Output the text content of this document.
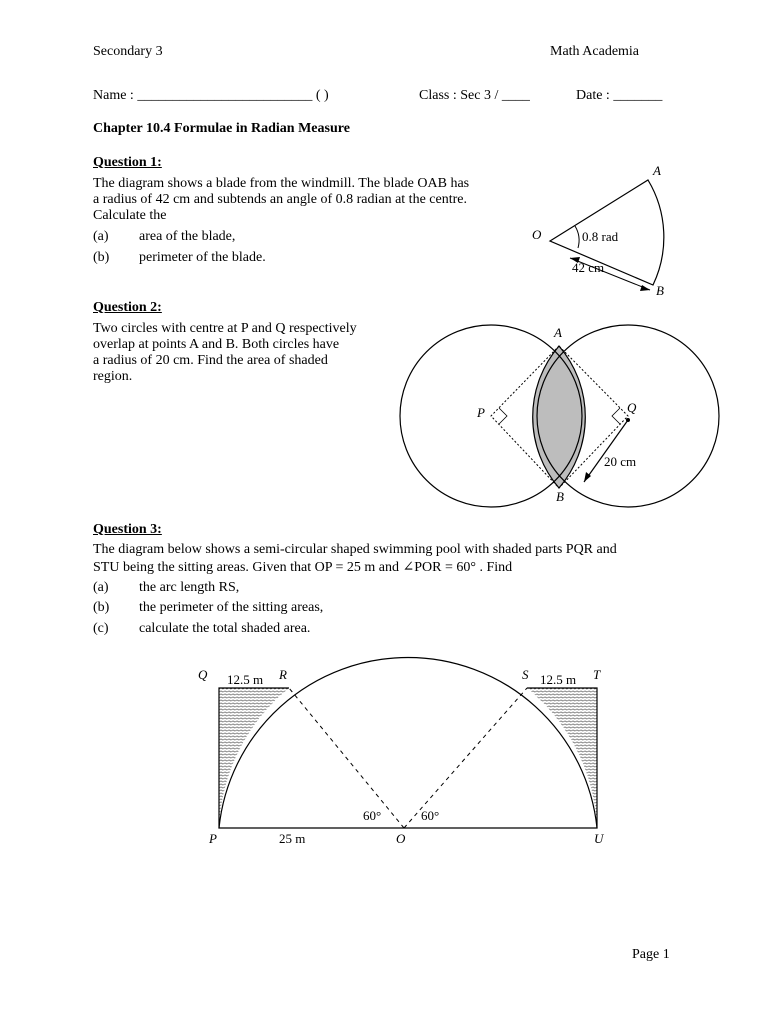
Secondary 3	Math Academia
Name : _________________________ ( )	Class : Sec 3 / ____	Date : _______
Chapter 10.4 Formulae in Radian Measure
Question 1:
The diagram shows a blade from the windmill. The blade OAB has
a radius of 42 cm and subtends an angle of 0.8 radian at the centre.
Calculate the
(a) area of the blade,
(b) perimeter of the blade.
A
O
B
0.8 rad
42 cm
Question 2:
Two circles with centre at P and Q respectively
overlap at points A and B. Both circles have
a radius of 20 cm. Find the area of shaded
region.
A
B
P	Q
20 cm
Question 3:
The diagram below shows a semi-circular shaped swimming pool with shaded parts PQR and
STU being the sitting areas. Given that OP = 25 m and ∠POR = 60° . Find
(a) the arc length RS,
(b) the perimeter of the sitting areas,
(c) calculate the total shaded area.
Q 12.5 m R	S 12.5 m T
60°	60°
P	25 m	O	U
Page 1
